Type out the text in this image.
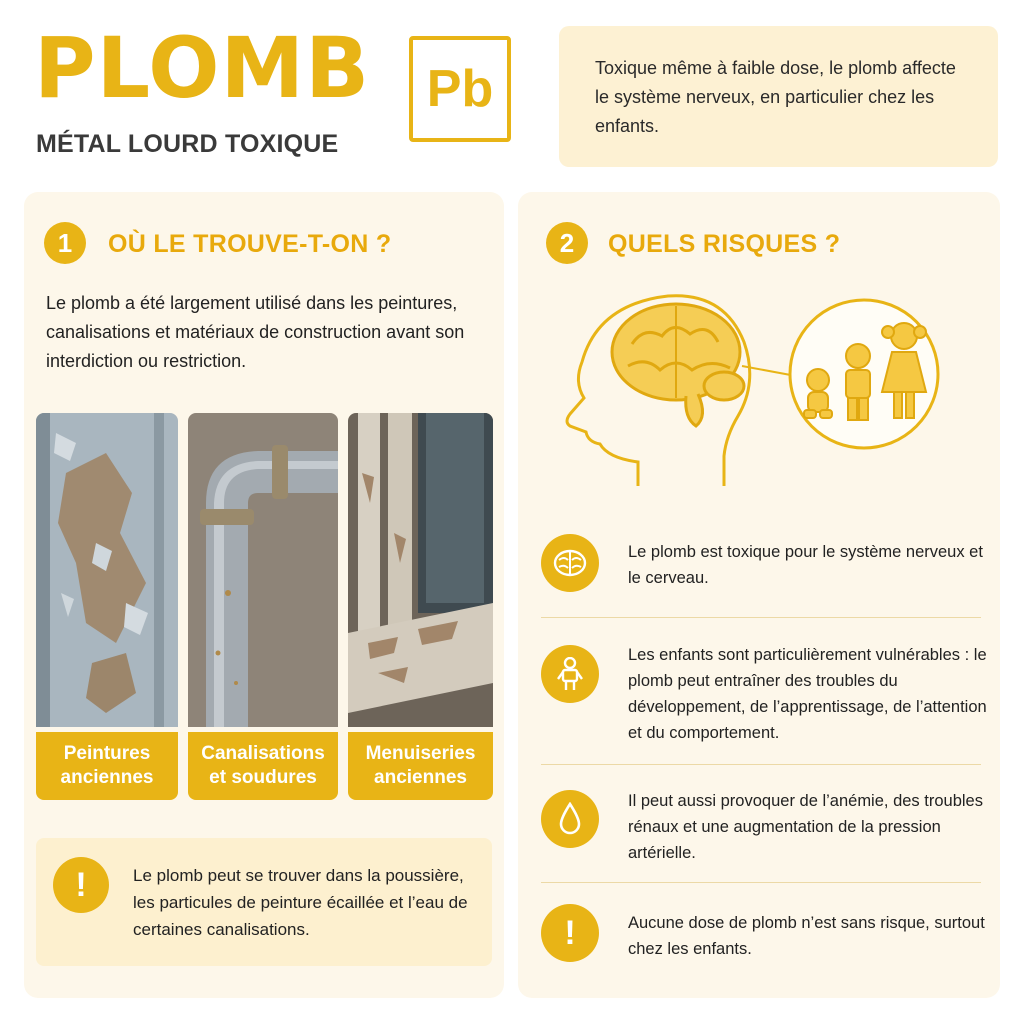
PLOMB
MÉTAL LOURD TOXIQUE
Pb	Toxique même à faible dose, le plomb affecte le système nerveux, en particulier chez les enfants.
1 OÙ LE TROUVE-T-ON ?
Le plomb a été largement utilisé dans les peintures, canalisations et matériaux de construction avant son interdiction ou restriction.
Peintures
anciennes
Canalisations
et soudures
Menuiseries
anciennes
!	Le plomb peut se trouver dans la poussière, les particules de peinture écaillée et l’eau de certaines canalisations.
2 QUELS RISQUES ?
Le plomb est toxique pour le système nerveux et le cerveau.
Les enfants sont particulièrement vulnérables : le plomb peut entraîner des troubles du développement, de l’apprentissage, de l’attention et du comportement.
Il peut aussi provoquer de l’anémie, des troubles rénaux et une augmentation de la pression artérielle.
!	Aucune dose de plomb n’est sans risque, surtout chez les enfants.
